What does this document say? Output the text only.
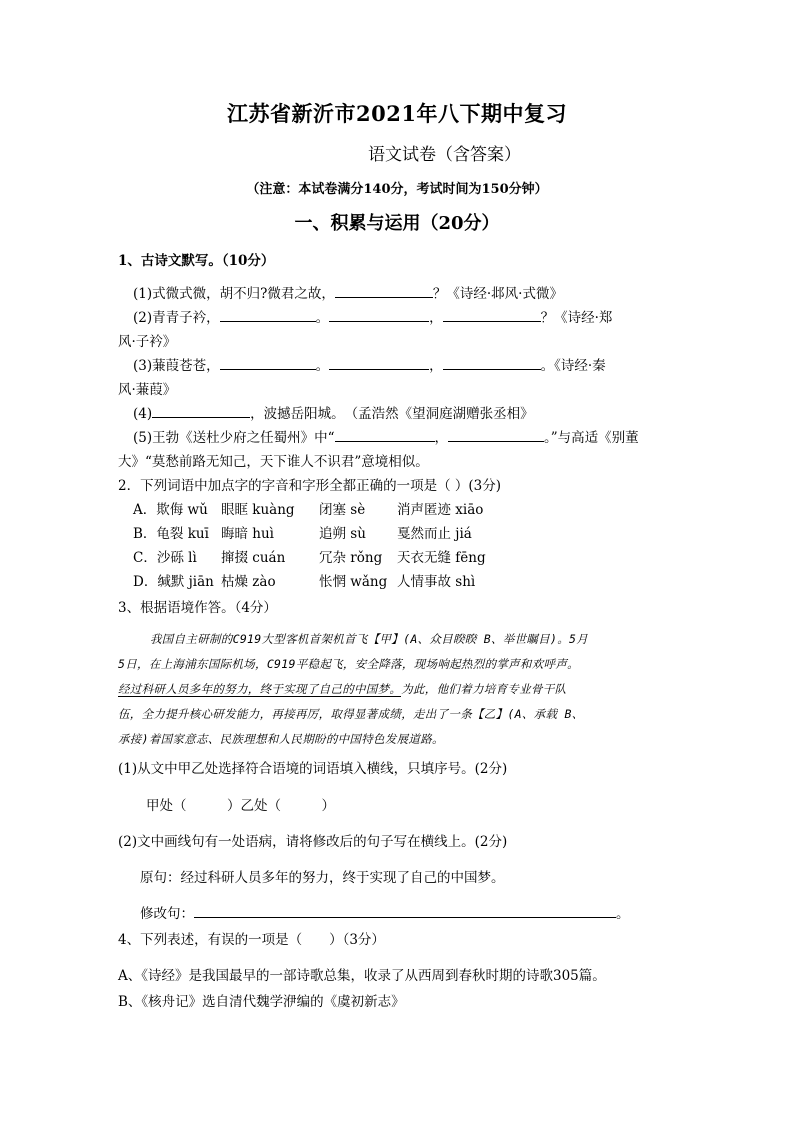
江苏省新沂市2021年八下期中复习
语文试卷（含答案）
（注意：本试卷满分140分，考试时间为150分钟）
一、积累与运用（20分）
1、古诗文默写。（10分）
(1)式微式微，胡不归?微君之故，	？《诗经·邶风·式微》
(2)青青子衿，	。	，	？《诗经·郑
风·子衿》
(3)蒹葭苍苍，	。	，	。《诗经·秦
风·蒹葭》
(4)	，波撼岳阳城。　（孟浩然《望洞庭湖赠张丞相》
(5)王勃《送杜少府之任蜀州》中“	，	。”与高适《别董
大》“莫愁前路无知己，天下谁人不识君”意境相似。
2．下列词语中加点字的字音和字形全都正确的一项是（ ）(3分)
A．欺侮 wǔ 眼眶 kuàng 闭塞 sè 消声匿迹 xiāo
B．龟裂 kuī 晦暗 huì	追朔 sù 戛然而止 jiá
C．沙砾 lì 撺掇 cuán 冗杂 rǒng 天衣无缝 fēng
D．缄默 jiān 枯燥 zào	怅惘 wǎng 人情事故 shì
3、根据语境作答。（4分）
我国自主研制的C919大型客机首架机首飞【甲】(A、众目睽睽 B、举世瞩目)。5月
5日，在上海浦东国际机场，C919平稳起飞，安全降落，现场响起热烈的掌声和欢呼声。
经过科研人员多年的努力，终于实现了自己的中国梦。为此，他们着力培育专业骨干队
伍，全力提升核心研发能力，再接再厉，取得显著成绩，走出了一条【乙】(A、承载 B、
承接)着国家意志、民族理想和人民期盼的中国特色发展道路。
(1)从文中甲乙处选择符合语境的词语填入横线，只填序号。(2分)
甲处（　　　）乙处（　　　）
(2)文中画线句有一处语病，请将修改后的句子写在横线上。(2分)
原句：经过科研人员多年的努力，终于实现了自己的中国梦。
修改句：	。
4、下列表述，有误的一项是（　　）（3分）
A、《诗经》是我国最早的一部诗歌总集，收录了从西周到春秋时期的诗歌305篇。
B、《核舟记》选自清代魏学洢编的《虞初新志》
